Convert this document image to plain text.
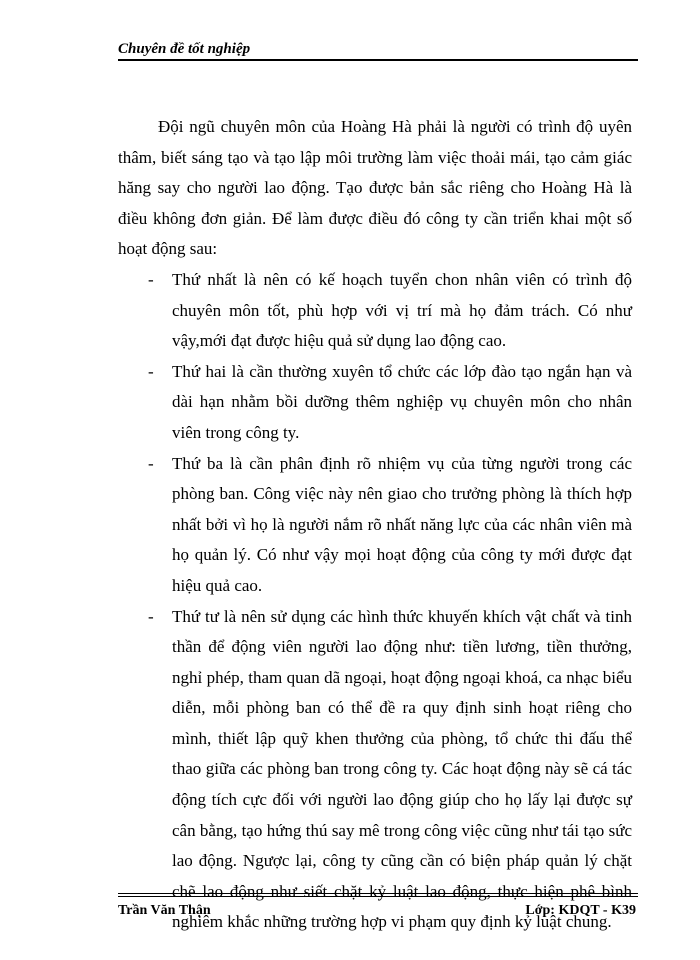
Chuyên đề tốt nghiệp

Đội ngũ chuyên môn của Hoàng Hà phải là người có trình độ uyên thâm, biết sáng tạo và tạo lập môi trường làm việc thoải mái, tạo cảm giác hăng say cho người lao động. Tạo được bản sắc riêng cho Hoàng Hà là điều không đơn giản. Để làm được điều đó công ty cần triển khai một số hoạt động sau:

- Thứ nhất là nên có kế hoạch tuyển chon nhân viên có trình độ chuyên môn tốt, phù hợp với vị trí mà họ đảm trách. Có như vậy,mới đạt được hiệu quả sử dụng lao động cao.
- Thứ hai là cần thường xuyên tổ chức các lớp đào tạo ngắn hạn và dài hạn nhằm bồi dưỡng thêm nghiệp vụ chuyên môn cho nhân viên trong công ty.
- Thứ ba là cần phân định rõ nhiệm vụ của từng người trong các phòng ban. Công việc này nên giao cho trưởng phòng là thích hợp nhất bởi vì họ là người nắm rõ nhất năng lực của các nhân viên mà họ quản lý. Có như vậy mọi hoạt động của công ty mới được đạt hiệu quả cao.
- Thứ tư là nên sử dụng các hình thức khuyến khích vật chất và tinh thần để động viên người lao động như: tiền lương, tiền thưởng, nghỉ phép, tham quan dã ngoại, hoạt động ngoại khoá, ca nhạc biểu diễn, mỗi phòng ban có thể đề ra quy định sinh hoạt riêng cho mình, thiết lập quỹ khen thưởng của phòng, tổ chức thi đấu thể thao giữa các phòng ban trong công ty. Các hoạt động này sẽ cá tác động tích cực đối với người lao động giúp cho họ lấy lại được sự cân bằng, tạo hứng thú say mê trong công việc cũng như tái tạo sức lao động. Ngược lại, công ty cũng cần có biện pháp quản lý chặt chẽ lao động như siết chặt kỷ luật lao động, thực hiện phê bình nghiêm khắc những trường hợp vi phạm quy định kỷ luật chung.
Trần Văn Thận	Lớp: KDQT - K39
